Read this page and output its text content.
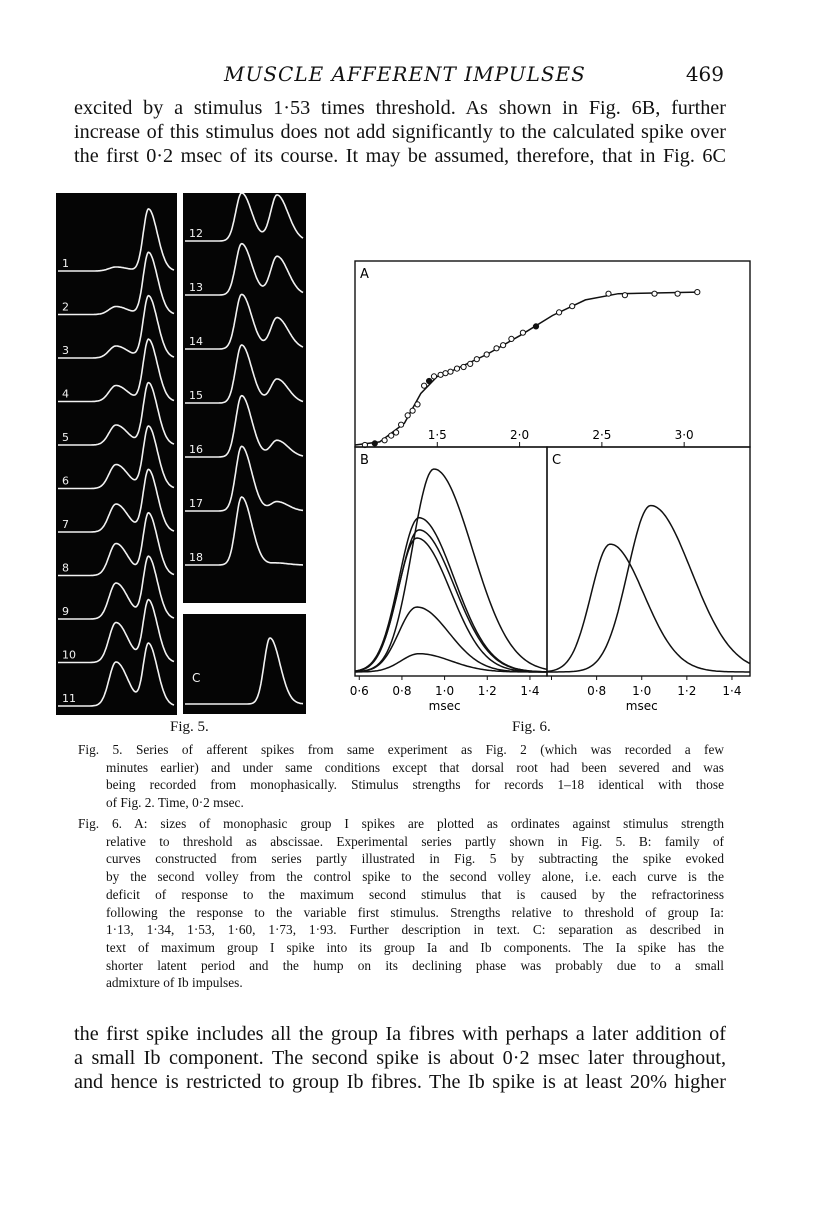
MUSCLE AFFERENT IMPULSES	469
excited by a stimulus 1·53 times threshold. As shown in Fig. 6B, further
increase of this stimulus does not add significantly to the calculated spike over
the first 0·2 msec of its course. It may be assumed, therefore, that in Fig. 6C
1
2
3
4
5
6
7
8
9
10
11
12
13
14
15
16
17
18
C
Fig. 5.
A
1·5	2·0	2·5	3·0
B
0·6 0·8 1·0 1·2 1·4
msec
C
0·8 1·0 1·2 1·4
msec
Fig. 6.
Fig. 5. Series of afferent spikes from same experiment as Fig. 2 (which was recorded a few
minutes earlier) and under same conditions except that dorsal root had been severed and was
being recorded from monophasically. Stimulus strengths for records 1–18 identical with those
of Fig. 2. Time, 0·2 msec.
Fig. 6. A: sizes of monophasic group I spikes are plotted as ordinates against stimulus strength
relative to threshold as abscissae. Experimental series partly shown in Fig. 5. B: family of
curves constructed from series partly illustrated in Fig. 5 by subtracting the spike evoked
by the second volley from the control spike to the second volley alone, i.e. each curve is the
deficit of response to the maximum second stimulus that is caused by the refractoriness
following the response to the variable first stimulus. Strengths relative to threshold of group Ia:
1·13, 1·34, 1·53, 1·60, 1·73, 1·93. Further description in text. C: separation as described in
text of maximum group I spike into its group Ia and Ib components. The Ia spike has the
shorter latent period and the hump on its declining phase was probably due to a small
admixture of Ib impulses.
the first spike includes all the group Ia fibres with perhaps a later addition of
a small Ib component. The second spike is about 0·2 msec later throughout,
and hence is restricted to group Ib fibres. The Ib spike is at least 20% higher
